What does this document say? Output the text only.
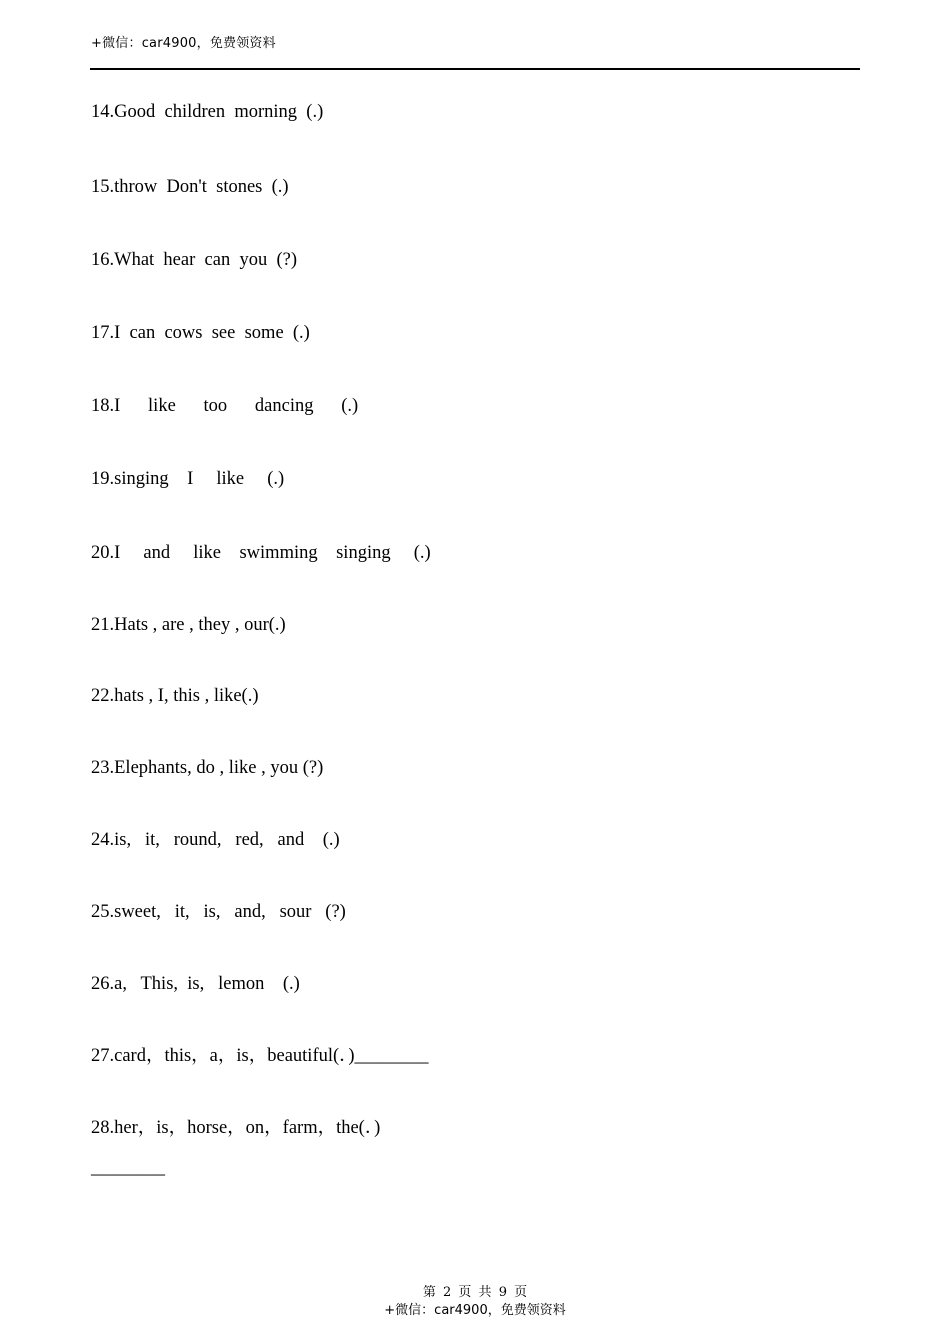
+微信：car4900，免费领资料
14.Good  children  morning  (.)
15.throw  Don't  stones  (.)
16.What  hear  can  you  (?)
17.I  can  cows  see  some  (.)
18.I      like      too      dancing      (.)
19.singing    I     like     (.)
20.I     and     like    swimming    singing     (.)
21.Hats , are , they , our(.)
22.hats , I, this , like(.)
23.Elephants, do , like , you (?)
24.is,   it,   round,   red,   and    (.)
25.sweet,   it,   is,   and,   sour   (?)
26.a,   This,  is,   lemon    (.)
27.card，this，a，is，beautiful(．)________
28.her，is，horse，on，farm，the(．)
________
第 2 页 共 9 页
+微信：car4900，免费领资料
